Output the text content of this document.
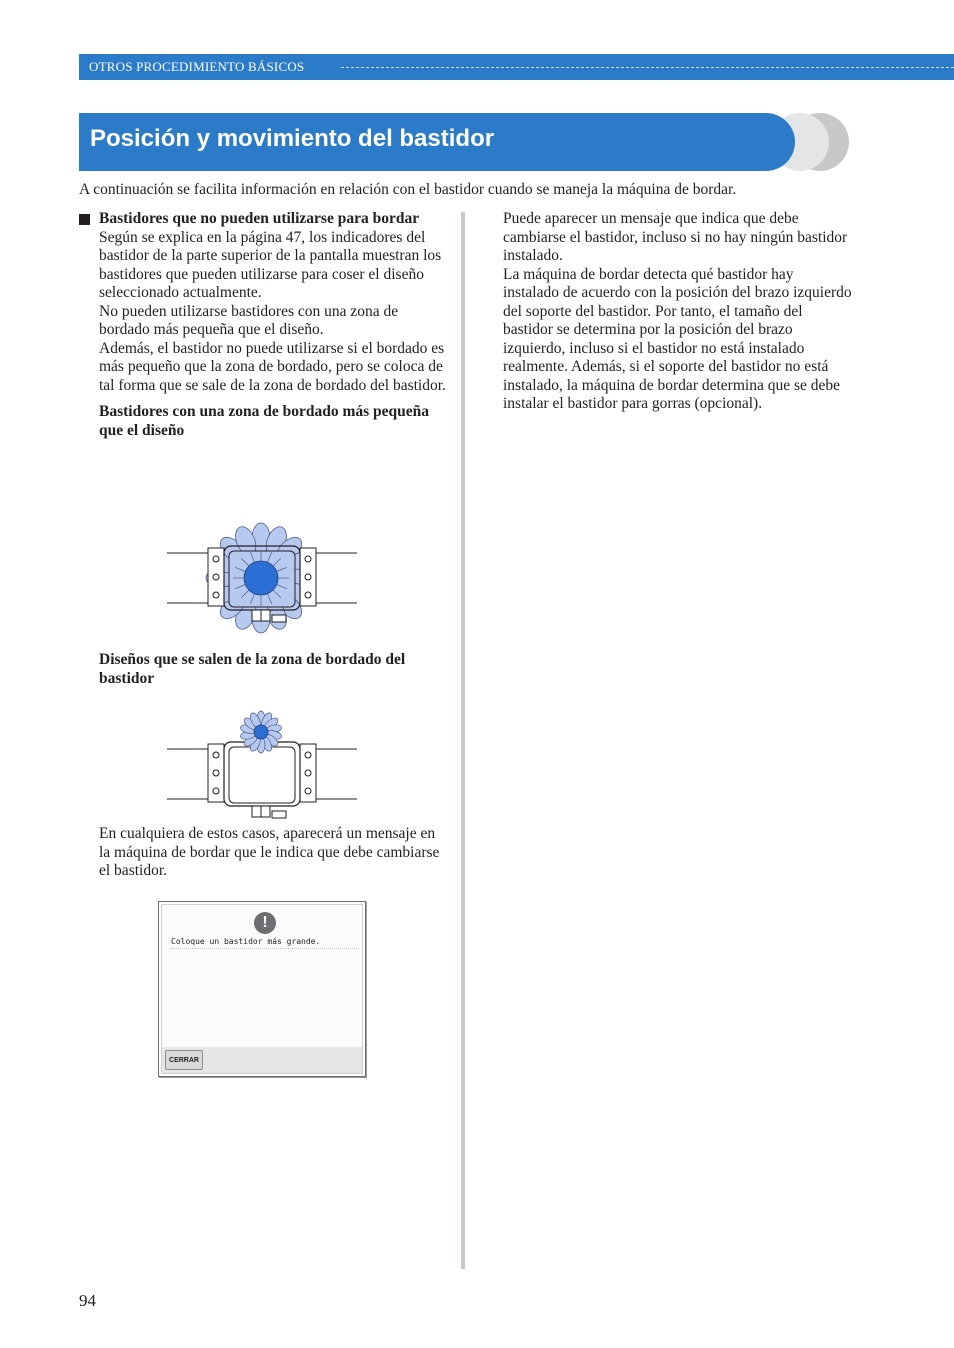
OTROS PROCEDIMIENTO BÁSICOS
Posición y movimiento del bastidor
A continuación se facilita información en relación con el bastidor cuando se maneja la máquina de bordar.

Bastidores que no pueden utilizarse para bordar

Según se explica en la página 47, los indicadores del bastidor de la parte superior de la pantalla muestran los bastidores que pueden utilizarse para coser el diseño seleccionado actualmente.

No pueden utilizarse bastidores con una zona de bordado más pequeña que el diseño.

Además, el bastidor no puede utilizarse si el bordado es más pequeño que la zona de bordado, pero se coloca de tal forma que se sale de la zona de bordado del bastidor.

Bastidores con una zona de bordado más pequeña que el diseño

Diseños que se salen de la zona de bordado del bastidor

En cualquiera de estos casos, aparecerá un mensaje en la máquina de bordar que le indica que debe cambiarse el bastidor.

!
Coloque un bastidor más grande.
CERRAR

Puede aparecer un mensaje que indica que debe cambiarse el bastidor, incluso si no hay ningún bastidor instalado.

La máquina de bordar detecta qué bastidor hay instalado de acuerdo con la posición del brazo izquierdo del soporte del bastidor. Por tanto, el tamaño del bastidor se determina por la posición del brazo izquierdo, incluso si el bastidor no está instalado realmente. Además, si el soporte del bastidor no está instalado, la máquina de bordar determina que se debe instalar el bastidor para gorras (opcional).

94
